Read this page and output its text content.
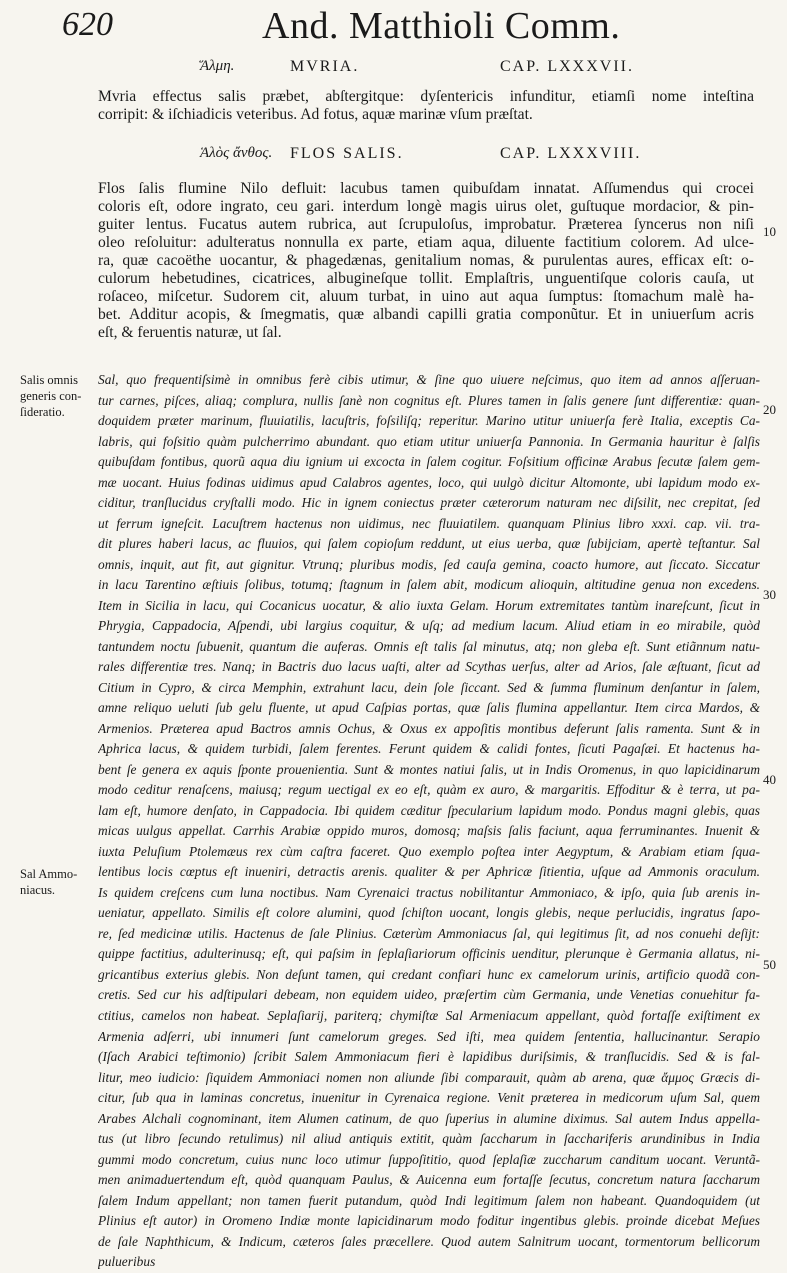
620	And. Matthioli Comm.
Ἅλμη.	MVRIA.	CAP. LXXXVII.
Mvria effectus salis præbet, abſtergitque: dyſentericis infunditur, etiamſi nome inteſtina
corripit: & iſchiadicis veteribus. Ad fotus, aquæ marinæ vſum præſtat.
Ἁλὸς ἄνθος. FLOS SALIS.	CAP. LXXXVIII.
Flos ſalis flumine Nilo defluit: lacubus tamen quibuſdam innatat. Aſſumendus qui crocei
coloris eſt, odore ingrato, ceu gari. interdum longè magis uirus olet, guſtuque mordacior, & pin-
guiter lentus. Fucatus autem rubrica, aut ſcrupuloſus, improbatur. Præterea ſyncerus non niſi
oleo reſoluitur: adulteratus nonnulla ex parte, etiam aqua, diluente factitium colorem. Ad ulce-
ra, quæ cacoëthe uocantur, & phagedænas, genitalium nomas, & purulentas aures, efficax eſt: o-
culorum hebetudines, cicatrices, albugineſque tollit. Emplaſtris, unguentiſque coloris cauſa, ut
roſaceo, miſcetur. Sudorem cit, aluum turbat, in uino aut aqua ſumptus: ſtomachum malè ha-
bet. Additur acopis, & ſmegmatis, quæ albandi capilli gratia componũtur. Et in uniuerſum acris
eſt, & feruentis naturæ, ut ſal.
Salis omnis
generis con-
ſideratio.
Sal Ammo-
niacus.
10
20
30
40
50
Sal, quo frequentiſsimè in omnibus ferè cibis utimur, & ſine quo uiuere neſcimus, quo item ad annos aſſeruan-
tur carnes, piſces, aliaq; complura, nullis ſanè non cognitus eſt. Plures tamen in ſalis genere ſunt differentiæ: quan-
doquidem præter marinum, fluuiatilis, lacuſtris, foſsiliſq; reperitur. Marino utitur uniuerſa ferè Italia, exceptis Ca-
labris, qui foſsitio quàm pulcherrimo abundant. quo etiam utitur uniuerſa Pannonia. In Germania hauritur è ſalſis
quibuſdam fontibus, quorũ aqua diu ignium ui excocta in ſalem cogitur. Foſsitium officinæ Arabus ſecutæ ſalem gem-
mæ uocant. Huius fodinas uidimus apud Calabros agentes, loco, qui uulgò dicitur Altomonte, ubi lapidum modo ex-
ciditur, tranſlucidus cryſtalli modo. Hic in ignem coniectus præter cæterorum naturam nec diſsilit, nec crepitat, ſed
ut ferrum igneſcit. Lacuſtrem hactenus non uidimus, nec fluuiatilem. quanquam Plinius libro xxxi. cap. vii. tra-
dit plures haberi lacus, ac fluuios, qui ſalem copioſum reddunt, ut eius uerba, quæ ſubijciam, apertè teſtantur. Sal
omnis, inquit, aut fit, aut gignitur. Vtrunq; pluribus modis, ſed cauſa gemina, coacto humore, aut ſiccato. Siccatur
in lacu Tarentino æſtiuis ſolibus, totumq; ſtagnum in ſalem abit, modicum alioquin, altitudine genua non excedens.
Item in Sicilia in lacu, qui Cocanicus uocatur, & alio iuxta Gelam. Horum extremitates tantùm inareſcunt, ſicut in
Phrygia, Cappadocia, Aſpendi, ubi largius coquitur, & uſq; ad medium lacum. Aliud etiam in eo mirabile, quòd
tantundem noctu ſubuenit, quantum die auferas. Omnis eſt talis ſal minutus, atq; non gleba eſt. Sunt etiãnnum natu-
rales differentiæ tres. Nanq; in Bactris duo lacus uaſti, alter ad Scythas uerſus, alter ad Arios, ſale æſtuant, ſicut ad
Citium in Cypro, & circa Memphin, extrahunt lacu, dein ſole ſiccant. Sed & ſumma fluminum denſantur in ſalem,
amne reliquo ueluti ſub gelu fluente, ut apud Caſpias portas, quæ ſalis flumina appellantur. Item circa Mardos, &
Armenios. Præterea apud Bactros amnis Ochus, & Oxus ex appoſitis montibus deferunt ſalis ramenta. Sunt & in
Aphrica lacus, & quidem turbidi, ſalem ferentes. Ferunt quidem & calidi fontes, ſicuti Pagaſæi. Et hactenus ha-
bent ſe genera ex aquis ſponte prouenientia. Sunt & montes natiui ſalis, ut in Indis Oromenus, in quo lapicidinarum
modo ceditur renaſcens, maiusq; regum uectigal ex eo eſt, quàm ex auro, & margaritis. Effoditur & è terra, ut pa-
lam eſt, humore denſato, in Cappadocia. Ibi quidem cæditur ſpecularium lapidum modo. Pondus magni glebis, quas
micas uulgus appellat. Carrhis Arabiæ oppido muros, domosq; maſsis ſalis faciunt, aqua ferruminantes. Inuenit &
iuxta Peluſium Ptolemæus rex cùm caſtra faceret. Quo exemplo poſtea inter Aegyptum, & Arabiam etiam ſqua-
lentibus locis cœptus eſt inueniri, detractis arenis. qualiter & per Aphricæ ſitientia, uſque ad Ammonis oraculum.
Is quidem creſcens cum luna noctibus. Nam Cyrenaici tractus nobilitantur Ammoniaco, & ipſo, quia ſub arenis in-
ueniatur, appellato. Similis eſt colore alumini, quod ſchiſton uocant, longis glebis, neque perlucidis, ingratus ſapo-
re, ſed medicinæ utilis. Hactenus de ſale Plinius. Cæterùm Ammoniacus ſal, qui legitimus ſit, ad nos conuehi deſijt:
quippe factitius, adulterinusq; eſt, qui paſsim in ſeplaſiariorum officinis uenditur, plerunque è Germania allatus, ni-
gricantibus exterius glebis. Non deſunt tamen, qui credant confiari hunc ex camelorum urinis, artificio quodã con-
cretis. Sed cur his adſtipulari debeam, non equidem uideo, præſertim cùm Germania, unde Venetias conuehitur fa-
ctitius, camelos non habeat. Seplaſiarij, pariterq; chymiſtæ Sal Armeniacum appellant, quòd fortaſſe exiſtiment ex
Armenia adſerri, ubi innumeri ſunt camelorum greges. Sed iſti, mea quidem ſententia, hallucinantur. Serapio
(Iſach Arabici teſtimonio) ſcribit Salem Ammoniacum fieri è lapidibus duriſsimis, & tranſlucidis. Sed & is fal-
litur, meo iudicio: ſiquidem Ammoniaci nomen non aliunde ſibi comparauit, quàm ab arena, quæ ἄμμος Græcis di-
citur, ſub qua in laminas concretus, inuenitur in Cyrenaica regione. Venit præterea in medicorum uſum Sal, quem
Arabes Alchali cognominant, item Alumen catinum, de quo ſuperius in alumine diximus. Sal autem Indus appella-
tus (ut libro ſecundo retulimus) nil aliud antiquis extitit, quàm ſaccharum in ſacchariferis arundinibus in India
gummi modo concretum, cuius nunc loco utimur ſuppoſititio, quod ſeplaſiæ zuccharum canditum uocant. Veruntã-
men animaduertendum eſt, quòd quanquam Paulus, & Auicenna eum fortaſſe ſecutus, concretum natura ſaccharum
ſalem Indum appellant; non tamen fuerit putandum, quòd Indi legitimum ſalem non habeant. Quandoquidem (ut
Plinius eſt autor) in Oromeno Indiæ monte lapicidinarum modo foditur ingentibus glebis. proinde dicebat Meſues
de ſale Naphthicum, & Indicum, cæteros ſales præcellere. Quod autem Salnitrum uocant, tormentorum bellicorum
pulueribus
